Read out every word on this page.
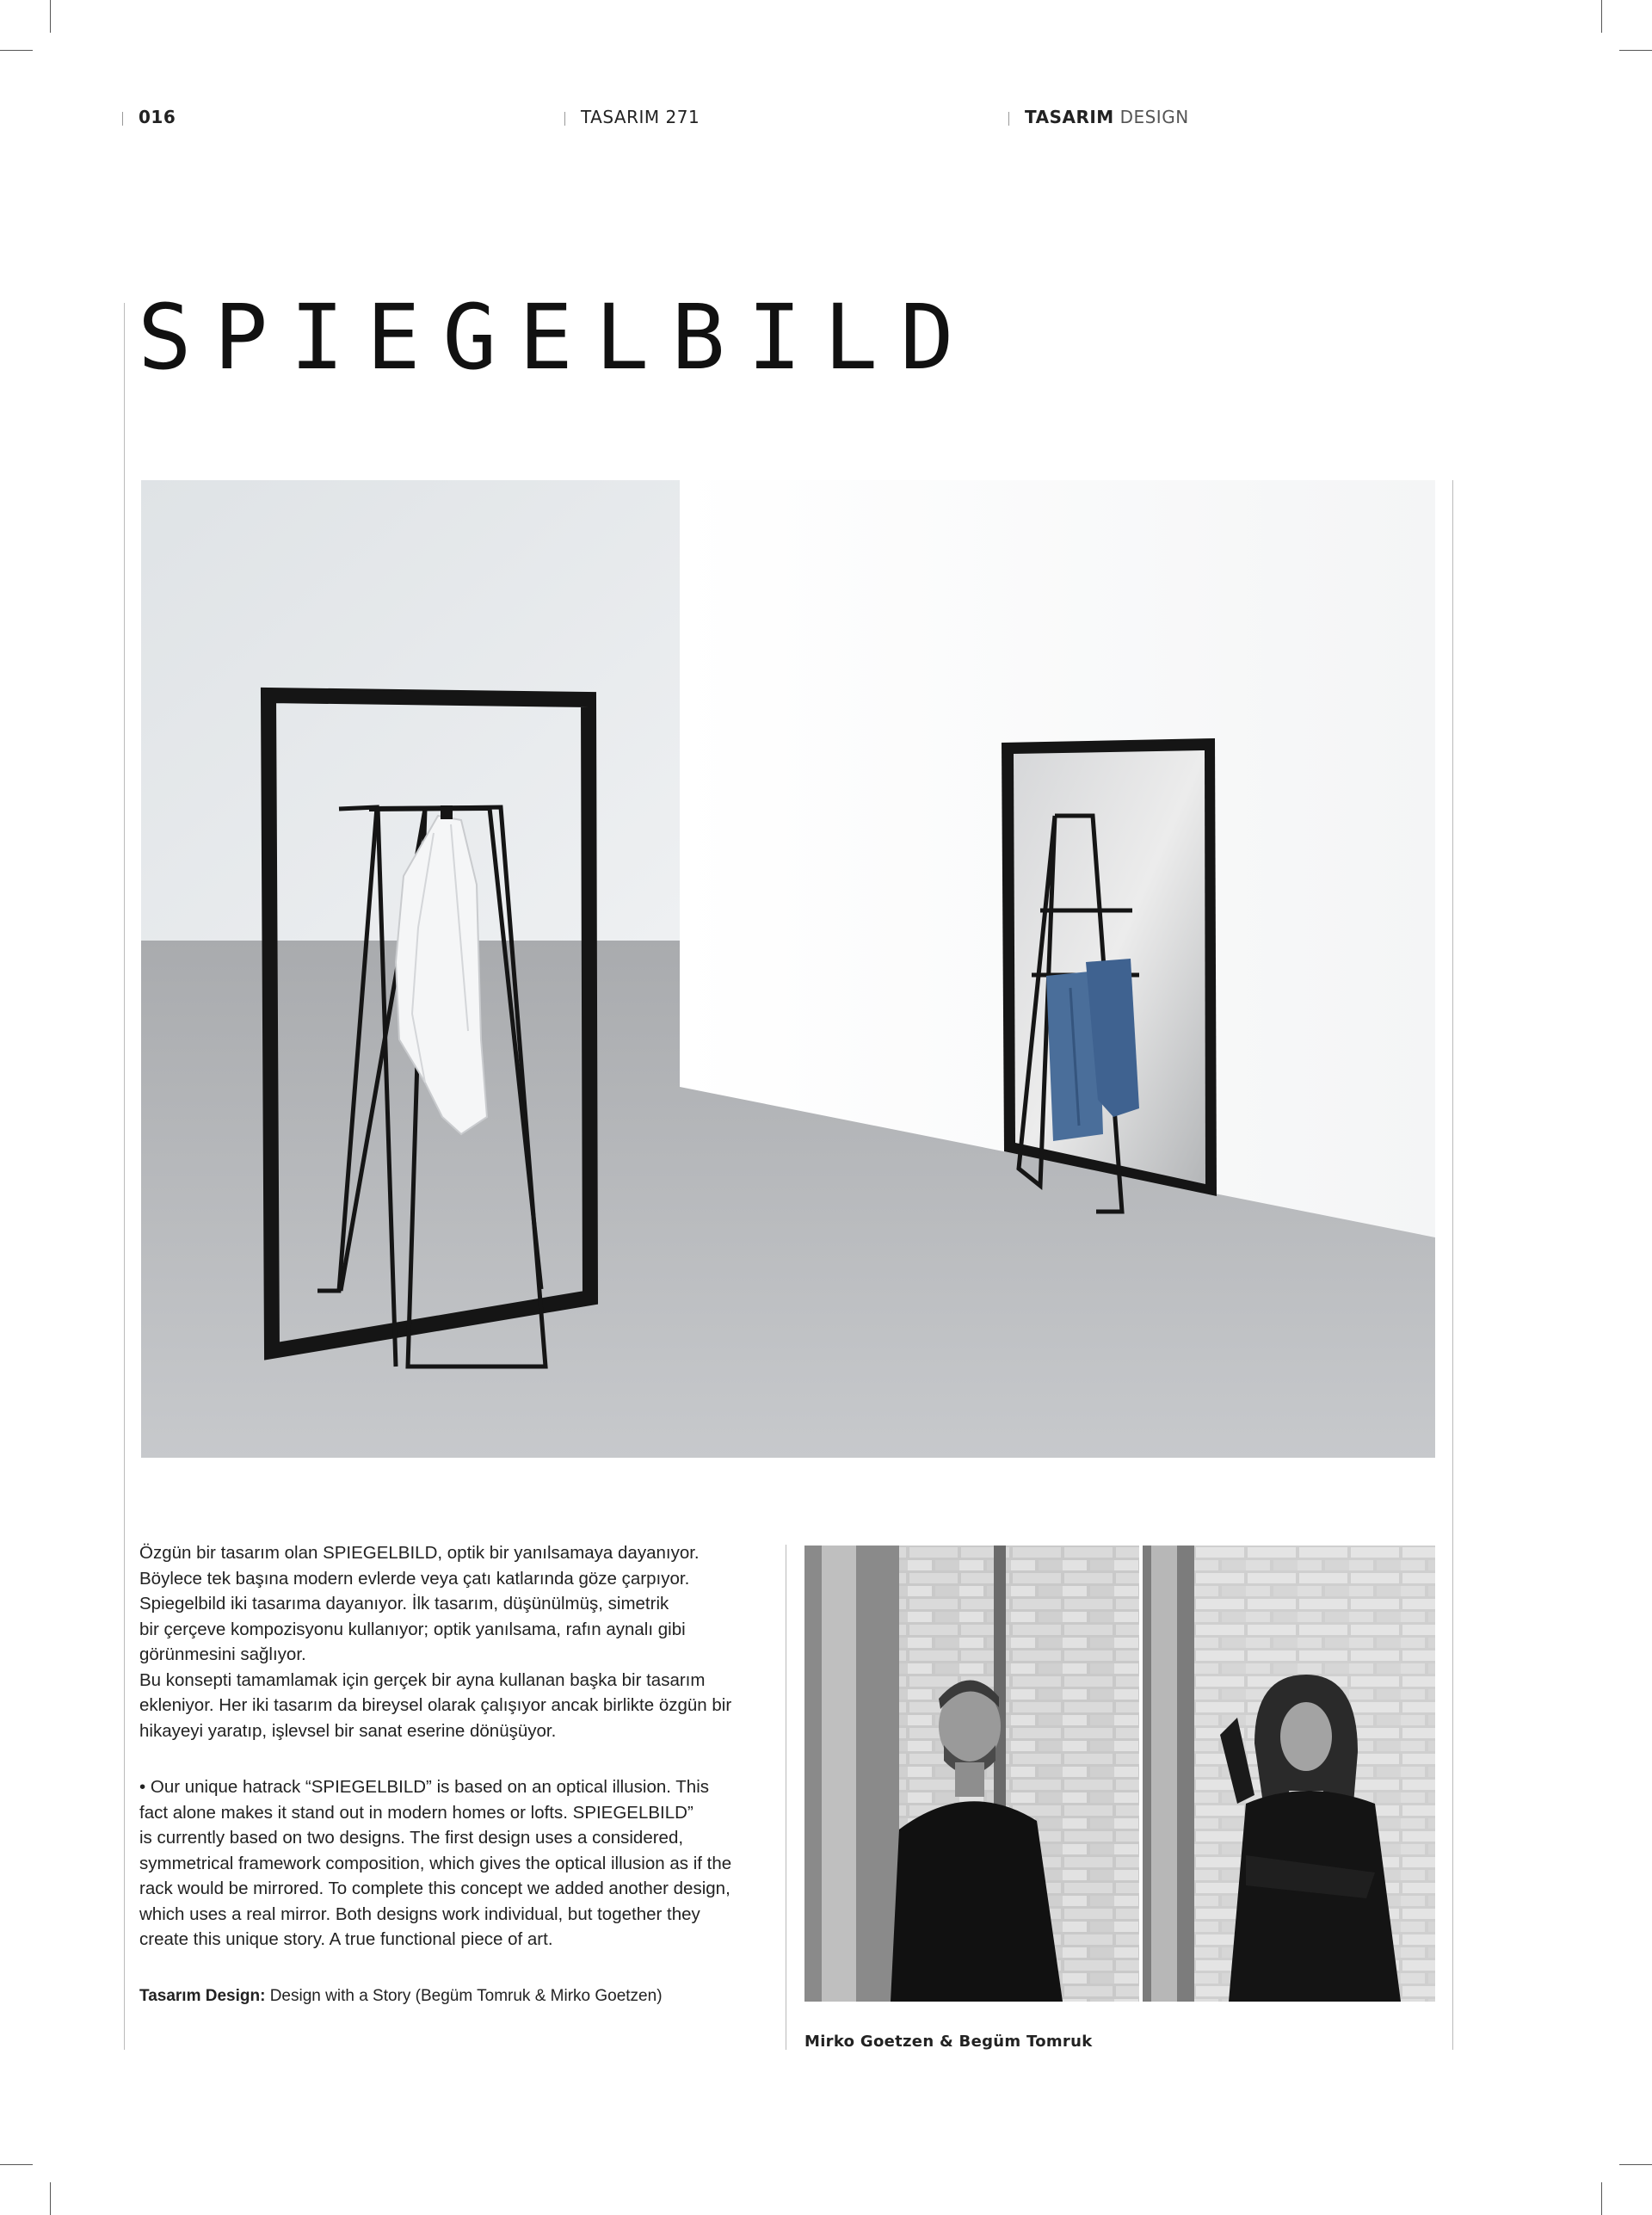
016	TASARIM 271	TASARIM DESIGN
SPIEGELBILD

Özgün bir tasarım olan SPIEGELBILD, optik bir yanılsamaya dayanıyor.

Böylece tek başına modern evlerde veya çatı katlarında göze çarpıyor.

Spiegelbild iki tasarıma dayanıyor. İlk tasarım, düşünülmüş, simetrik

bir çerçeve kompozisyonu kullanıyor; optik yanılsama, rafın aynalı gibi

görünmesini sağlıyor.

Bu konsepti tamamlamak için gerçek bir ayna kullanan başka bir tasarım

ekleniyor. Her iki tasarım da bireysel olarak çalışıyor ancak birlikte özgün bir

hikayeyi yaratıp, işlevsel bir sanat eserine dönüşüyor.

• Our unique hatrack “SPIEGELBILD” is based on an optical illusion. This

fact alone makes it stand out in modern homes or lofts. SPIEGELBILD”

is currently based on two designs. The first design uses a considered,

symmetrical framework composition, which gives the optical illusion as if the

rack would be mirrored. To complete this concept we added another design,

which uses a real mirror. Both designs work individual, but together they

create this unique story. A true functional piece of art.

Tasarım Design: Design with a Story (Begüm Tomruk & Mirko Goetzen)
Mirko Goetzen & Begüm Tomruk
